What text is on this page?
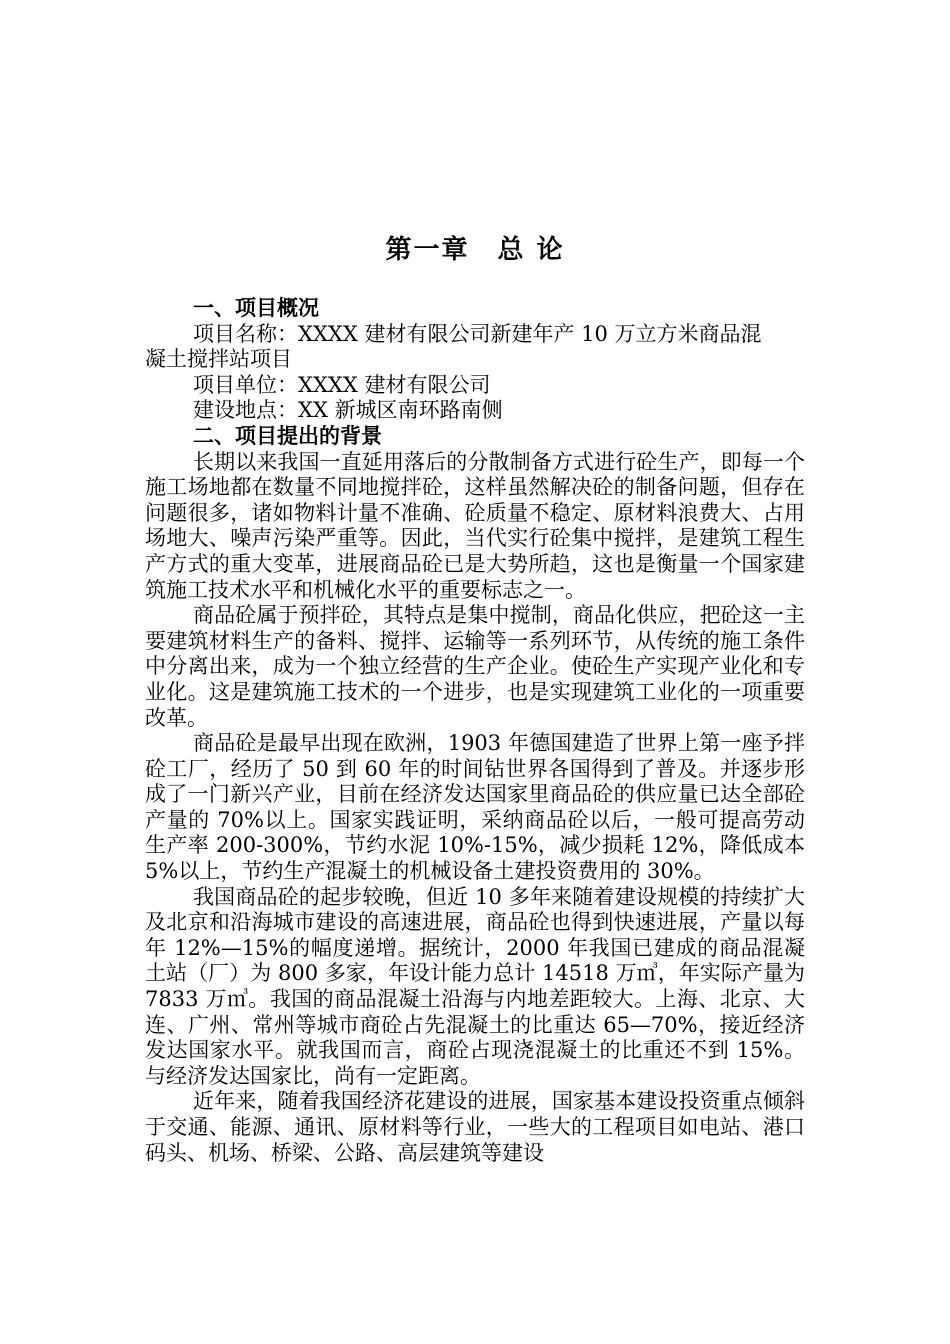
第一章　总 论

一、项目概况

项目名称：XXXX 建材有限公司新建年产 10 万立方米商品混

凝土搅拌站项目

项目单位：XXXX 建材有限公司

建设地点：XX 新城区南环路南侧

二、项目提出的背景

长期以来我国一直延用落后的分散制备方式进行砼生产，即每一个施工场地都在数量不同地搅拌砼，这样虽然解决砼的制备问题，但存在问题很多，诸如物料计量不准确、砼质量不稳定、原材料浪费大、占用场地大、噪声污染严重等。因此，当代实行砼集中搅拌，是建筑工程生产方式的重大变革，进展商品砼已是大势所趋，这也是衡量一个国家建筑施工技术水平和机械化水平的重要标志之一。

商品砼属于预拌砼，其特点是集中搅制，商品化供应，把砼这一主要建筑材料生产的备料、搅拌、运输等一系列环节，从传统的施工条件中分离出来，成为一个独立经营的生产企业。使砼生产实现产业化和专业化。这是建筑施工技术的一个进步，也是实现建筑工业化的一项重要改革。

商品砼是最早出现在欧洲，1903 年德国建造了世界上第一座予拌砼工厂，经历了 50 到 60 年的时间钻世界各国得到了普及。并逐步形成了一门新兴产业，目前在经济发达国家里商品砼的供应量已达全部砼产量的 70%以上。国家实践证明，采纳商品砼以后，一般可提高劳动生产率 200-300%，节约水泥 10%-15%，减少损耗 12%，降低成本 5%以上，节约生产混凝土的机械设备土建投资费用的 30%。

我国商品砼的起步较晚，但近 10 多年来随着建设规模的持续扩大及北京和沿海城市建设的高速进展，商品砼也得到快速进展，产量以每年 12%—15%的幅度递增。据统计，2000 年我国已建成的商品混凝土站（厂）为 800 多家，年设计能力总计 14518 万㎥，年实际产量为 7833 万㎥。我国的商品混凝土沿海与内地差距较大。上海、北京、大连、广州、常州等城市商砼占先混凝土的比重达 65—70%，接近经济发达国家水平。就我国而言，商砼占现浇混凝土的比重还不到 15%。与经济发达国家比，尚有一定距离。

近年来，随着我国经济花建设的进展，国家基本建设投资重点倾斜于交通、能源、通讯、原材料等行业，一些大的工程项目如电站、港口码头、机场、桥梁、公路、高层建筑等建设
